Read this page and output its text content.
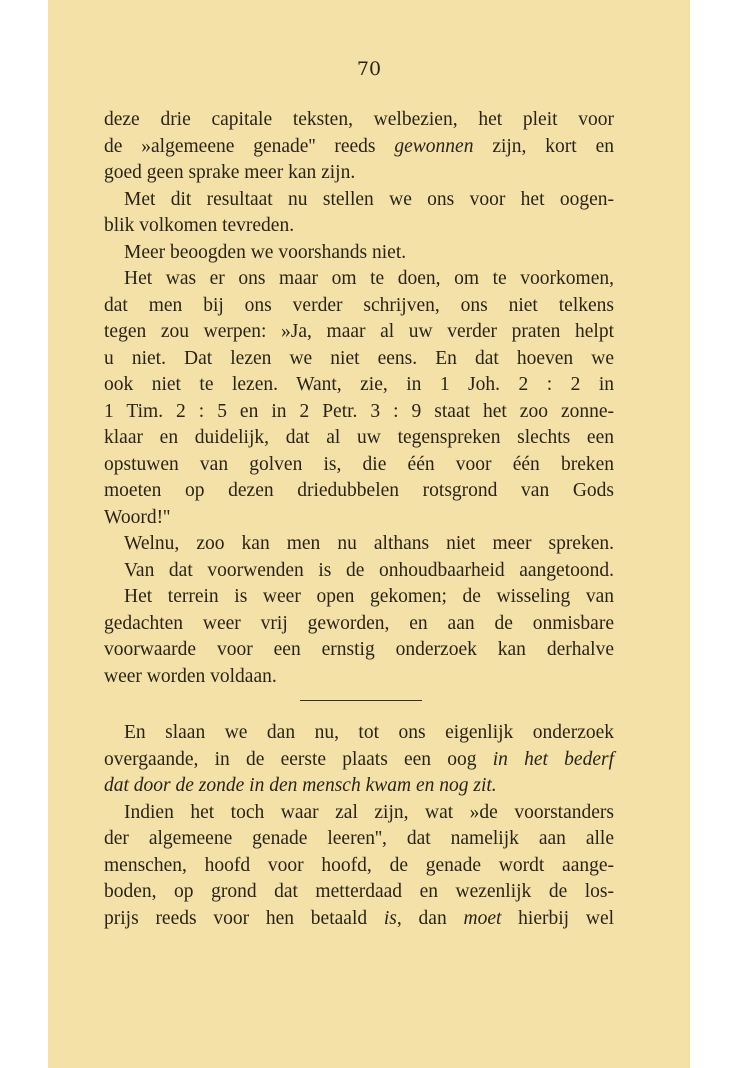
70
deze drie capitale teksten, welbezien, het pleit voor
de »algemeene genade'' reeds gewonnen zijn, kort en
goed geen sprake meer kan zijn.
Met dit resultaat nu stellen we ons voor het oogen-
blik volkomen tevreden.
Meer beoogden we voorshands niet.
Het was er ons maar om te doen, om te voorkomen,
dat men bij ons verder schrijven, ons niet telkens
tegen zou werpen: »Ja, maar al uw verder praten helpt
u niet. Dat lezen we niet eens. En dat hoeven we
ook niet te lezen. Want, zie, in 1 Joh. 2 : 2 in
1 Tim. 2 : 5 en in 2 Petr. 3 : 9 staat het zoo zonne-
klaar en duidelijk, dat al uw tegenspreken slechts een
opstuwen van golven is, die één voor één breken
moeten op dezen driedubbelen rotsgrond van Gods
Woord!''
Welnu, zoo kan men nu althans niet meer spreken.
Van dat voorwenden is de onhoudbaarheid aangetoond.
Het terrein is weer open gekomen; de wisseling van
gedachten weer vrij geworden, en aan de onmisbare
voorwaarde voor een ernstig onderzoek kan derhalve
weer worden voldaan.
En slaan we dan nu, tot ons eigenlijk onderzoek
overgaande, in de eerste plaats een oog in het bederf
dat door de zonde in den mensch kwam en nog zit.
Indien het toch waar zal zijn, wat »de voorstanders
der algemeene genade leeren'', dat namelijk aan alle
menschen, hoofd voor hoofd, de genade wordt aange-
boden, op grond dat metterdaad en wezenlijk de los-
prijs reeds voor hen betaald is, dan moet hierbij wel
